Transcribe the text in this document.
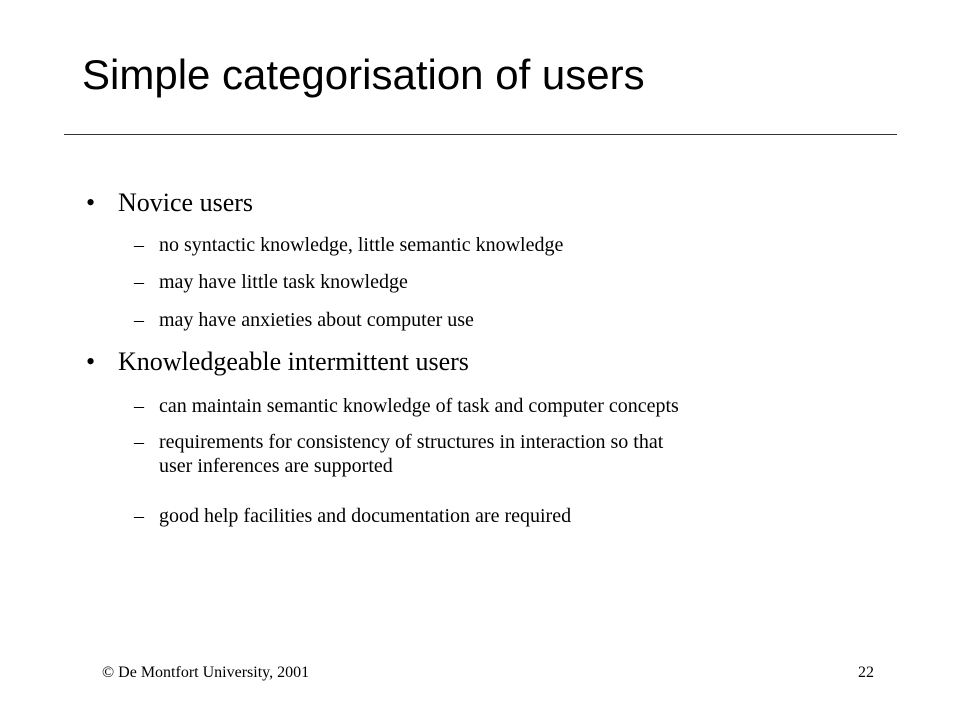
Simple categorisation of users
• Novice users
– no syntactic knowledge, little semantic knowledge
– may have little task knowledge
– may have anxieties about computer use
• Knowledgeable intermittent users
– can maintain semantic knowledge of task and computer concepts
– requirements for consistency of structures in interaction so that
user inferences are supported
– good help facilities and documentation are required
© De Montfort University, 2001	22
